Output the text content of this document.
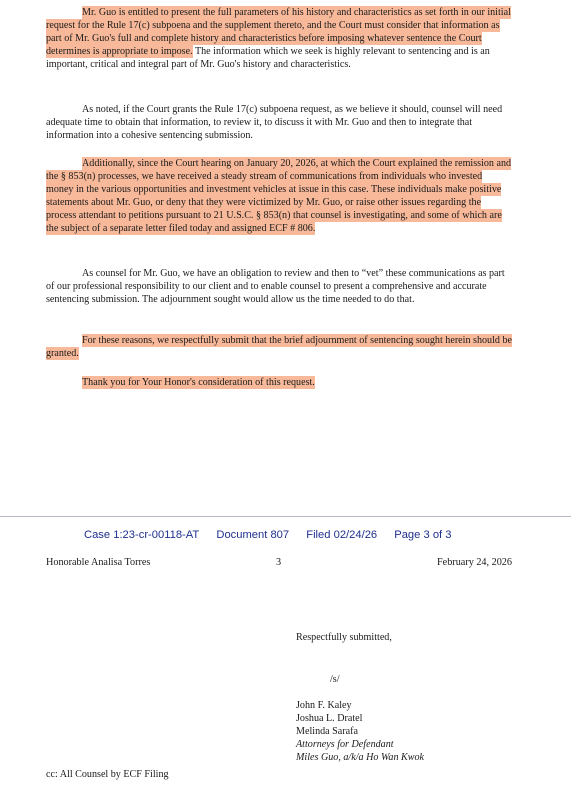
Mr. Guo is entitled to present the full parameters of his history and characteristics as set forth in our initial request for the Rule 17(c) subpoena and the supplement thereto, and the Court must consider that information as part of Mr. Guo's full and complete history and characteristics before imposing whatever sentence the Court determines is appropriate to impose. The information which we seek is highly relevant to sentencing and is an important, critical and integral part of Mr. Guo's history and characteristics.

As noted, if the Court grants the Rule 17(c) subpoena request, as we believe it should, counsel will need adequate time to obtain that information, to review it, to discuss it with Mr. Guo and then to integrate that information into a cohesive sentencing submission.

Additionally, since the Court hearing on January 20, 2026, at which the Court explained the remission and the § 853(n) processes, we have received a steady stream of communications from individuals who invested money in the various opportunities and investment vehicles at issue in this case. These individuals make positive statements about Mr. Guo, or deny that they were victimized by Mr. Guo, or raise other issues regarding the process attendant to petitions pursuant to 21 U.S.C. § 853(n) that counsel is investigating, and some of which are the subject of a separate letter filed today and assigned ECF # 806.

As counsel for Mr. Guo, we have an obligation to review and then to “vet” these communications as part of our professional responsibility to our client and to enable counsel to present a comprehensive and accurate sentencing submission. The adjournment sought would allow us the time needed to do that.

For these reasons, we respectfully submit that the brief adjournment of sentencing sought herein should be granted.

Thank you for Your Honor's consideration of this request.

Case 1:23-cr-00118-AT Document 807 Filed 02/24/26 Page 3 of 3
Honorable Analisa Torres	3	February 24, 2026
Respectfully submitted,
/s/
John F. Kaley
Joshua L. Dratel
Melinda Sarafa
Attorneys for Defendant
Miles Guo, a/k/a Ho Wan Kwok
cc: All Counsel by ECF Filing
